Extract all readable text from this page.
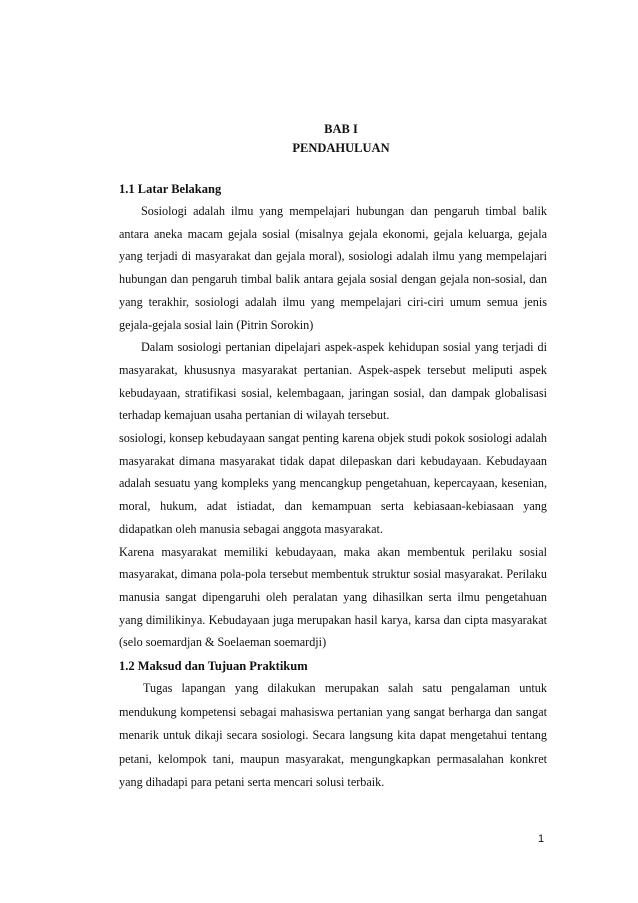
BAB I
PENDAHULUAN
1.1 Latar Belakang

Sosiologi adalah ilmu yang mempelajari hubungan dan pengaruh timbal balik antara aneka macam gejala sosial (misalnya gejala ekonomi, gejala keluarga, gejala yang terjadi di masyarakat dan gejala moral), sosiologi adalah ilmu yang mempelajari hubungan dan pengaruh timbal balik antara gejala sosial dengan gejala non-sosial, dan yang terakhir, sosiologi adalah ilmu yang mempelajari ciri-ciri umum semua jenis gejala-gejala sosial lain (Pitrin Sorokin)

Dalam sosiologi pertanian dipelajari aspek-aspek kehidupan sosial yang terjadi di masyarakat, khususnya masyarakat pertanian. Aspek-aspek tersebut meliputi aspek kebudayaan, stratifikasi sosial, kelembagaan, jaringan sosial, dan dampak globalisasi terhadap kemajuan usaha pertanian di wilayah tersebut.

sosiologi, konsep kebudayaan sangat penting karena objek studi pokok sosiologi adalah masyarakat dimana masyarakat tidak dapat dilepaskan dari kebudayaan. Kebudayaan adalah sesuatu yang kompleks yang mencangkup pengetahuan, kepercayaan, kesenian, moral, hukum, adat istiadat, dan kemampuan serta kebiasaan-kebiasaan yang didapatkan oleh manusia sebagai anggota masyarakat.

Karena masyarakat memiliki kebudayaan, maka akan membentuk perilaku sosial masyarakat, dimana pola-pola tersebut membentuk struktur sosial masyarakat. Perilaku manusia sangat dipengaruhi oleh peralatan yang dihasilkan serta ilmu pengetahuan yang dimilikinya. Kebudayaan juga merupakan hasil karya, karsa dan cipta masyarakat (selo soemardjan & Soelaeman soemardji)

1.2 Maksud dan Tujuan Praktikum

Tugas lapangan yang dilakukan merupakan salah satu pengalaman untuk mendukung kompetensi sebagai mahasiswa pertanian yang sangat berharga dan sangat menarik untuk dikaji secara sosiologi. Secara langsung kita dapat mengetahui tentang petani, kelompok tani, maupun masyarakat, mengungkapkan permasalahan konkret yang dihadapi para petani serta mencari solusi terbaik.

1
